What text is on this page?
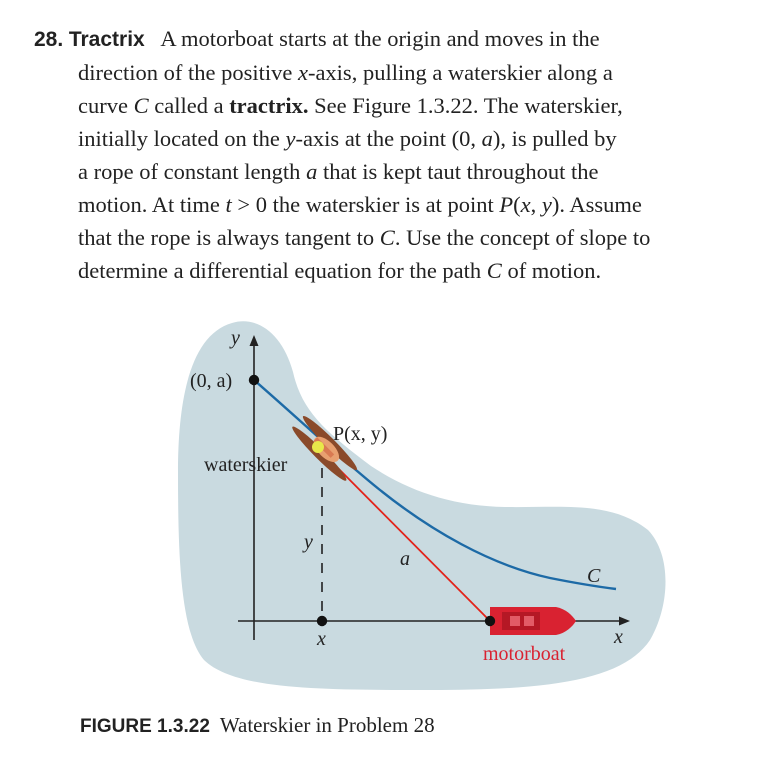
28. Tractrix A motorboat starts at the origin and moves in the
direction of the positive x-axis, pulling a waterskier along a
curve C called a tractrix. See Figure 1.3.22. The waterskier,
initially located on the y-axis at the point (0, a), is pulled by
a rope of constant length a that is kept taut throughout the
motion. At time t > 0 the waterskier is at point P(x, y). Assume
that the rope is always tangent to C. Use the concept of slope to
determine a differential equation for the path C of motion.
y
(0, a)
P(x, y)
waterskier
y
a
C
x	x
motorboat
FIGURE 1.3.22 Waterskier in Problem 28
